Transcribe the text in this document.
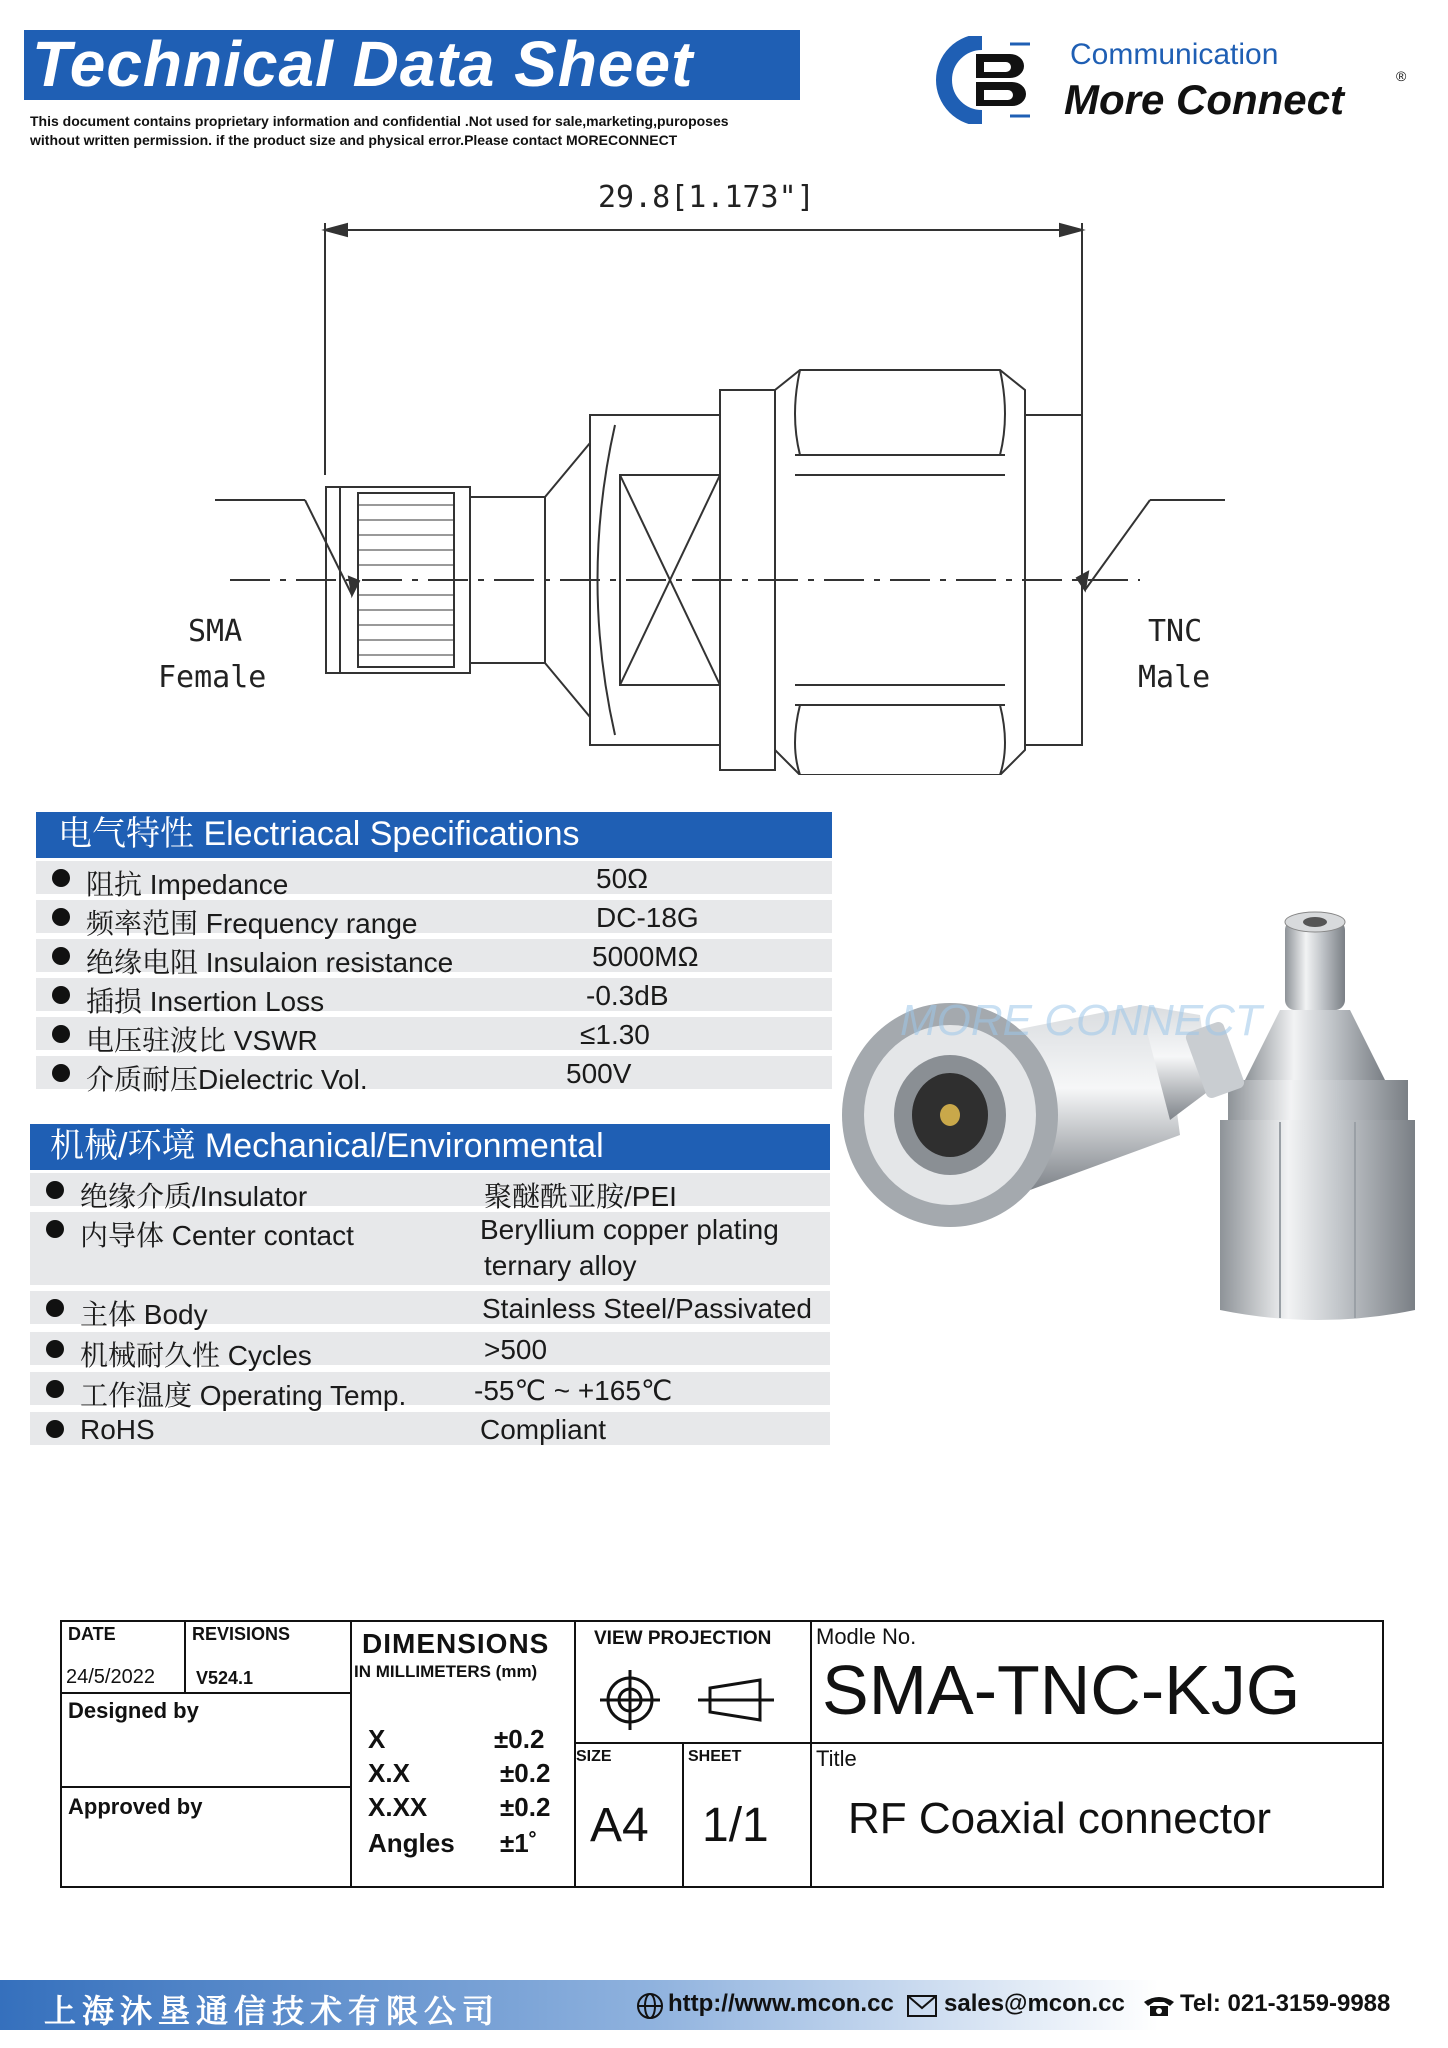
Technical Data Sheet
This document contains proprietary information and confidential .Not used for sale,marketing,puroposes
without written permission. if the product size and physical error.Please contact MORECONNECT
Communication
More Connect	®
29.8[1.173"]
SMA
Female
TNC
Male
电气特性 Electriacal Specifications
阻抗 Impedance	50Ω
频率范围 Frequency range	DC-18G
绝缘电阻 Insulaion resistance	5000MΩ
插损 Insertion Loss	-0.3dB
电压驻波比 VSWR	≤1.30
介质耐压Dielectric Vol.	500V
机械/环境 Mechanical/Environmental
绝缘介质/Insulator	聚醚酰亚胺/PEI
内导体 Center contact	Beryllium copper plating
ternary alloy
主体 Body	Stainless Steel/Passivated
机械耐久性 Cycles	>500
工作温度 Operating Temp. -55℃ ~ +165℃
RoHS	Compliant
MORE CONNECT
DATE
24/5/2022
REVISIONS
V524.1
Designed by
Approved by
DIMENSIONS
IN MILLIMETERS (mm)
X	±0.2
X.X	±0.2
X.XX	±0.2
Angles ±1˚
VIEW PROJECTION
SIZE
A4
SHEET
1/1
Modle No.
SMA-TNC-KJG
Title
RF Coaxial connector
上海沐垦通信技术有限公司	http://www.mcon.cc sales@mcon.cc Tel: 021-3159-9988
